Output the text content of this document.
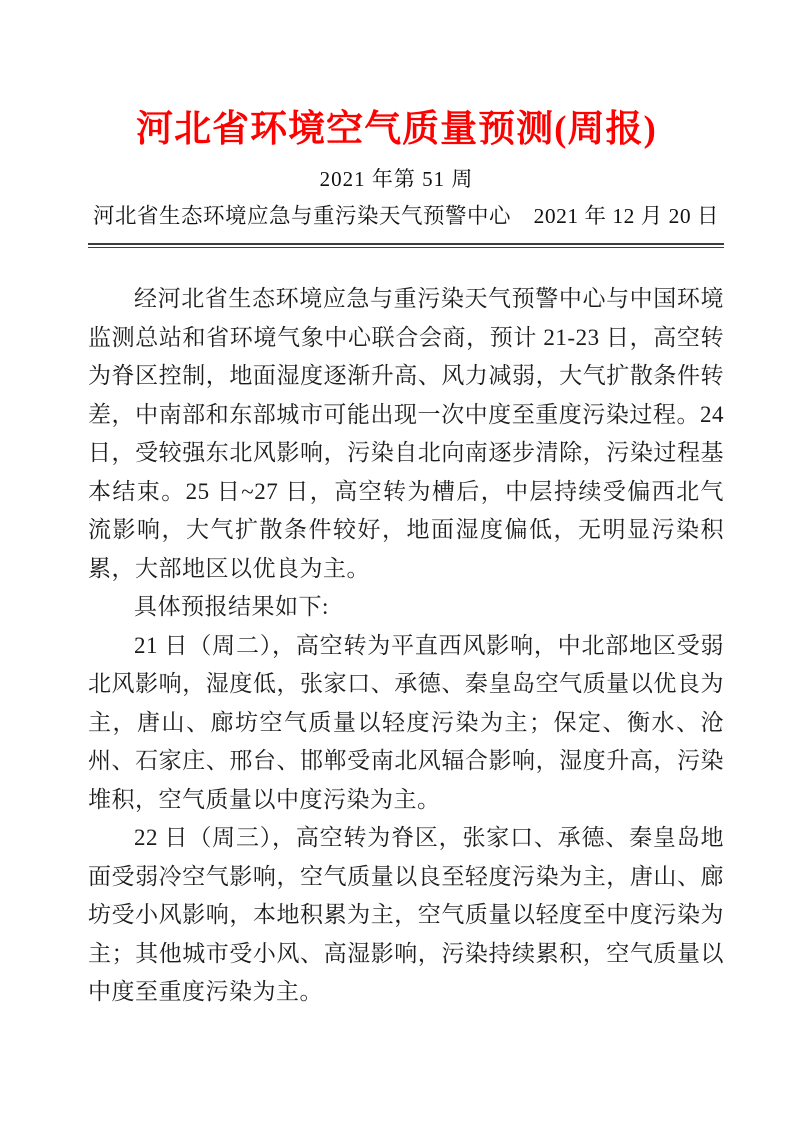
河北省环境空气质量预测(周报)
2021 年第 51 周
河北省生态环境应急与重污染天气预警中心 2021 年 12 月 20 日

经河北省生态环境应急与重污染天气预警中心与中国环境监测总站和省环境气象中心联合会商，预计 21-23 日，高空转为脊区控制，地面湿度逐渐升高、风力减弱，大气扩散条件转差，中南部和东部城市可能出现一次中度至重度污染过程。24 日，受较强东北风影响，污染自北向南逐步清除，污染过程基本结束。25 日~27 日，高空转为槽后，中层持续受偏西北气流影响，大气扩散条件较好，地面湿度偏低，无明显污染积累，大部地区以优良为主。

具体预报结果如下:

21 日（周二），高空转为平直西风影响，中北部地区受弱北风影响，湿度低，张家口、承德、秦皇岛空气质量以优良为主，唐山、廊坊空气质量以轻度污染为主；保定、衡水、沧州、石家庄、邢台、邯郸受南北风辐合影响，湿度升高，污染堆积，空气质量以中度污染为主。

22 日（周三），高空转为脊区，张家口、承德、秦皇岛地面受弱冷空气影响，空气质量以良至轻度污染为主，唐山、廊坊受小风影响，本地积累为主，空气质量以轻度至中度污染为主；其他城市受小风、高湿影响，污染持续累积，空气质量以中度至重度污染为主。
